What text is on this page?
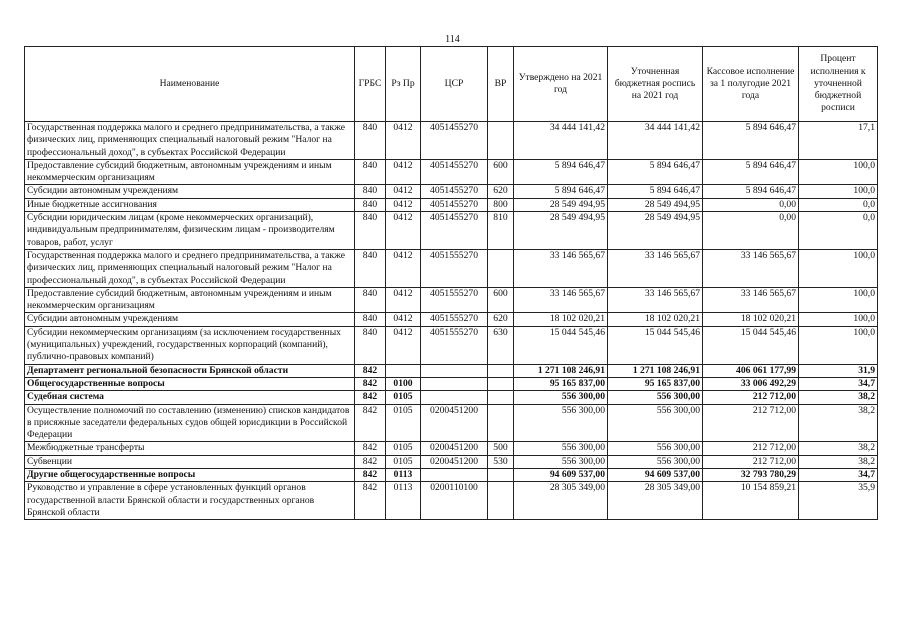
114
Наименование	ГРБС	Рз Пр	ЦСР	ВР	Утверждено на 2021 год	Уточненная бюджетная роспись на 2021 год	Кассовое исполнение за 1 полугодие 2021 года	Процент исполнения к уточненной бюджетной росписи
Государственная поддержка малого и среднего предпринимательства, а также физических лиц, применяющих специальный налоговый режим "Налог на профессиональный доход", в субъектах Российской Федерации	840	0412	4051455270		34 444 141,42	34 444 141,42	5 894 646,47	17,1
Предоставление субсидий бюджетным, автономным учреждениям и иным некоммерческим организациям	840	0412	4051455270	600	5 894 646,47	5 894 646,47	5 894 646,47	100,0
Субсидии автономным учреждениям	840	0412	4051455270	620	5 894 646,47	5 894 646,47	5 894 646,47	100,0
Иные бюджетные ассигнования	840	0412	4051455270	800	28 549 494,95	28 549 494,95	0,00	0,0
Субсидии юридическим лицам (кроме некоммерческих организаций), индивидуальным предпринимателям, физическим лицам - производителям товаров, работ, услуг	840	0412	4051455270	810	28 549 494,95	28 549 494,95	0,00	0,0
Государственная поддержка малого и среднего предпринимательства, а также физических лиц, применяющих специальный налоговый режим "Налог на профессиональный доход", в субъектах Российской Федерации	840	0412	4051555270		33 146 565,67	33 146 565,67	33 146 565,67	100,0
Предоставление субсидий бюджетным, автономным учреждениям и иным некоммерческим организациям	840	0412	4051555270	600	33 146 565,67	33 146 565,67	33 146 565,67	100,0
Субсидии автономным учреждениям	840	0412	4051555270	620	18 102 020,21	18 102 020,21	18 102 020,21	100,0
Субсидии некоммерческим организациям (за исключением государственных (муниципальных) учреждений, государственных корпораций (компаний), публично-правовых компаний)	840	0412	4051555270	630	15 044 545,46	15 044 545,46	15 044 545,46	100,0
Департамент региональной безопасности Брянской области	842				1 271 108 246,91	1 271 108 246,91	406 061 177,99	31,9
Общегосударственные вопросы	842	0100			95 165 837,00	95 165 837,00	33 006 492,29	34,7
Судебная система	842	0105			556 300,00	556 300,00	212 712,00	38,2
Осуществление полномочий по составлению (изменению) списков кандидатов в присяжные заседатели федеральных судов общей юрисдикции в Российской Федерации	842	0105	0200451200		556 300,00	556 300,00	212 712,00	38,2
Межбюджетные трансферты	842	0105	0200451200	500	556 300,00	556 300,00	212 712,00	38,2
Субвенции	842	0105	0200451200	530	556 300,00	556 300,00	212 712,00	38,2
Другие общегосударственные вопросы	842	0113			94 609 537,00	94 609 537,00	32 793 780,29	34,7
Руководство и управление в сфере установленных функций органов государственной власти Брянской области и государственных органов Брянской области	842	0113	0200110100		28 305 349,00	28 305 349,00	10 154 859,21	35,9
